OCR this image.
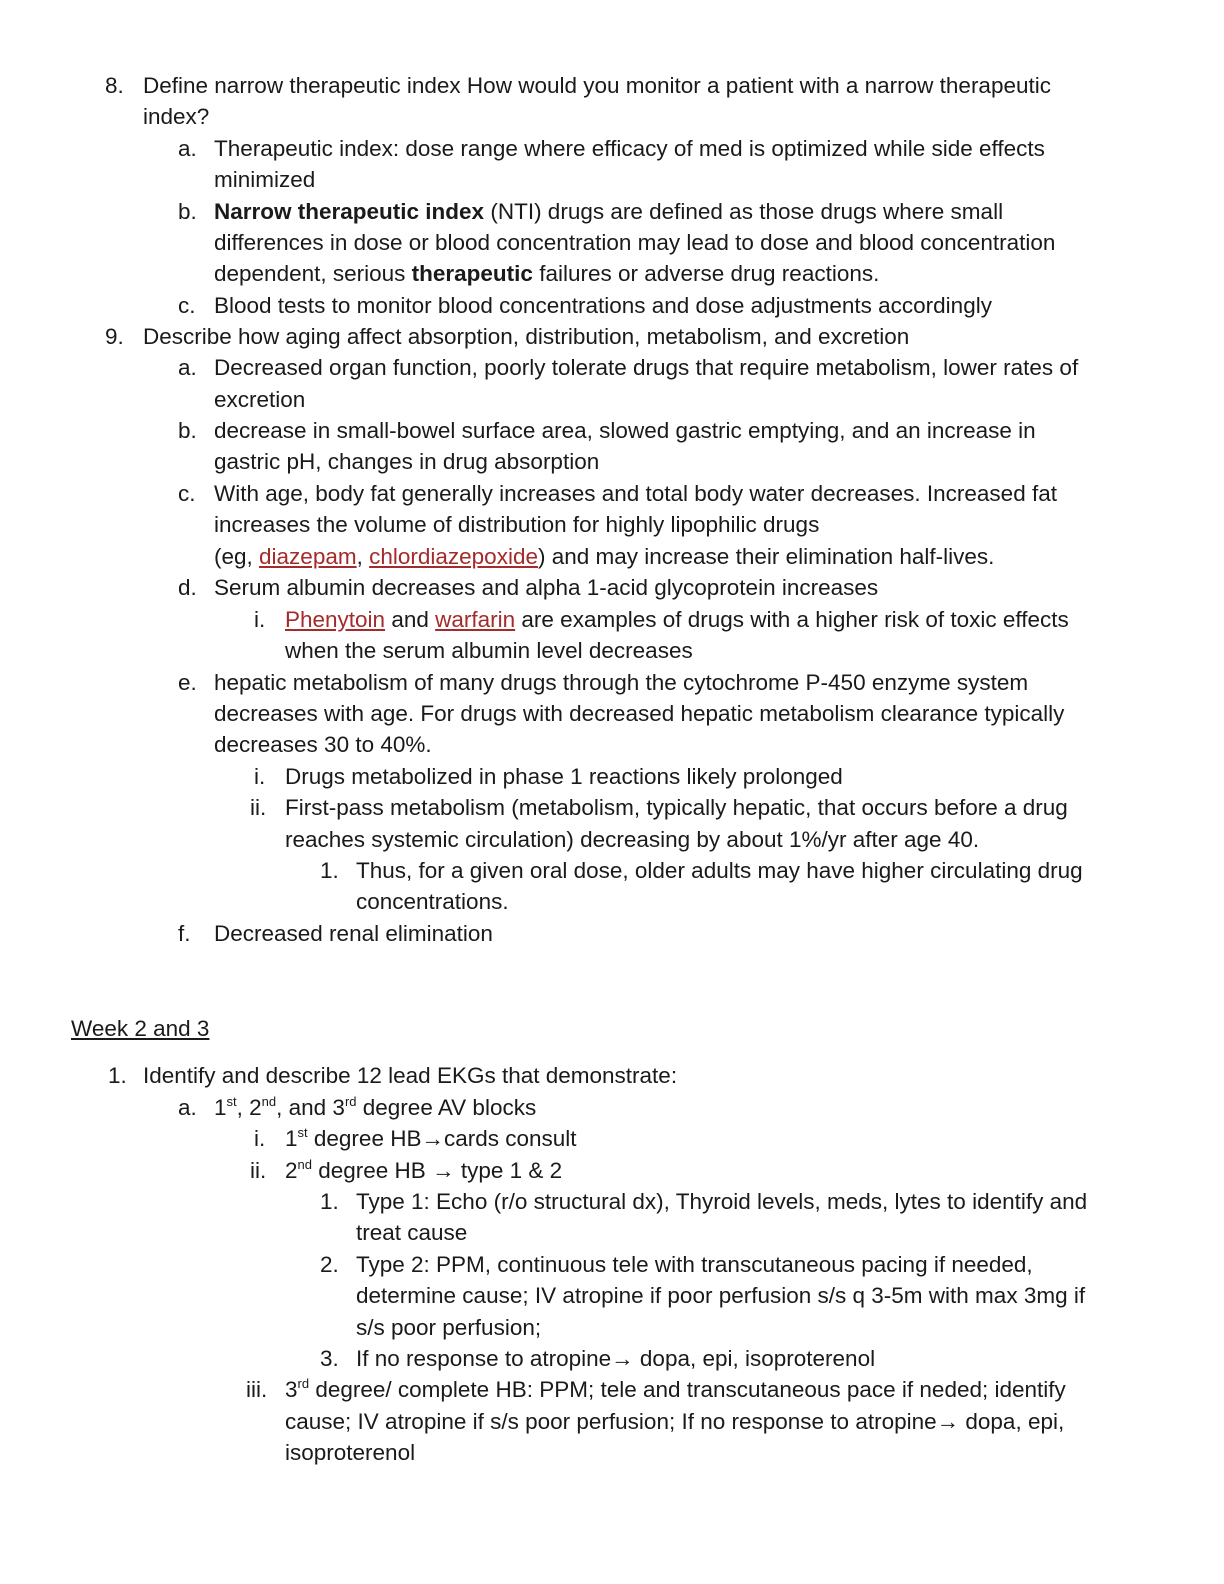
8. Define narrow therapeutic index How would you monitor a patient with a narrow therapeutic
index?
a. Therapeutic index: dose range where efficacy of med is optimized while side effects
minimized
b. Narrow therapeutic index (NTI) drugs are defined as those drugs where small
differences in dose or blood concentration may lead to dose and blood concentration
dependent, serious therapeutic failures or adverse drug reactions.
c. Blood tests to monitor blood concentrations and dose adjustments accordingly
9. Describe how aging affect absorption, distribution, metabolism, and excretion
a. Decreased organ function, poorly tolerate drugs that require metabolism, lower rates of
excretion
b. decrease in small-bowel surface area, slowed gastric emptying, and an increase in
gastric pH, changes in drug absorption
c. With age, body fat generally increases and total body water decreases. Increased fat
increases the volume of distribution for highly lipophilic drugs
(eg, diazepam, chlordiazepoxide) and may increase their elimination half-lives.
d. Serum albumin decreases and alpha 1-acid glycoprotein increases
i. Phenytoin and warfarin are examples of drugs with a higher risk of toxic effects
when the serum albumin level decreases
e. hepatic metabolism of many drugs through the cytochrome P-450 enzyme system
decreases with age. For drugs with decreased hepatic metabolism clearance typically
decreases 30 to 40%.
i. Drugs metabolized in phase 1 reactions likely prolonged
ii. First-pass metabolism (metabolism, typically hepatic, that occurs before a drug
reaches systemic circulation) decreasing by about 1%/yr after age 40.
1. Thus, for a given oral dose, older adults may have higher circulating drug
concentrations.
f. Decreased renal elimination
Week 2 and 3
1. Identify and describe 12 lead EKGs that demonstrate:
a. 1st, 2nd, and 3rd degree AV blocks
i. 1st degree HB→cards consult
ii. 2nd degree HB → type 1 & 2
1. Type 1: Echo (r/o structural dx), Thyroid levels, meds, lytes to identify and
treat cause
2. Type 2: PPM, continuous tele with transcutaneous pacing if needed,
determine cause; IV atropine if poor perfusion s/s q 3-5m with max 3mg if
s/s poor perfusion;
3. If no response to atropine→ dopa, epi, isoproterenol
iii. 3rd degree/ complete HB: PPM; tele and transcutaneous pace if neded; identify
cause; IV atropine if s/s poor perfusion; If no response to atropine→ dopa, epi,
isoproterenol
